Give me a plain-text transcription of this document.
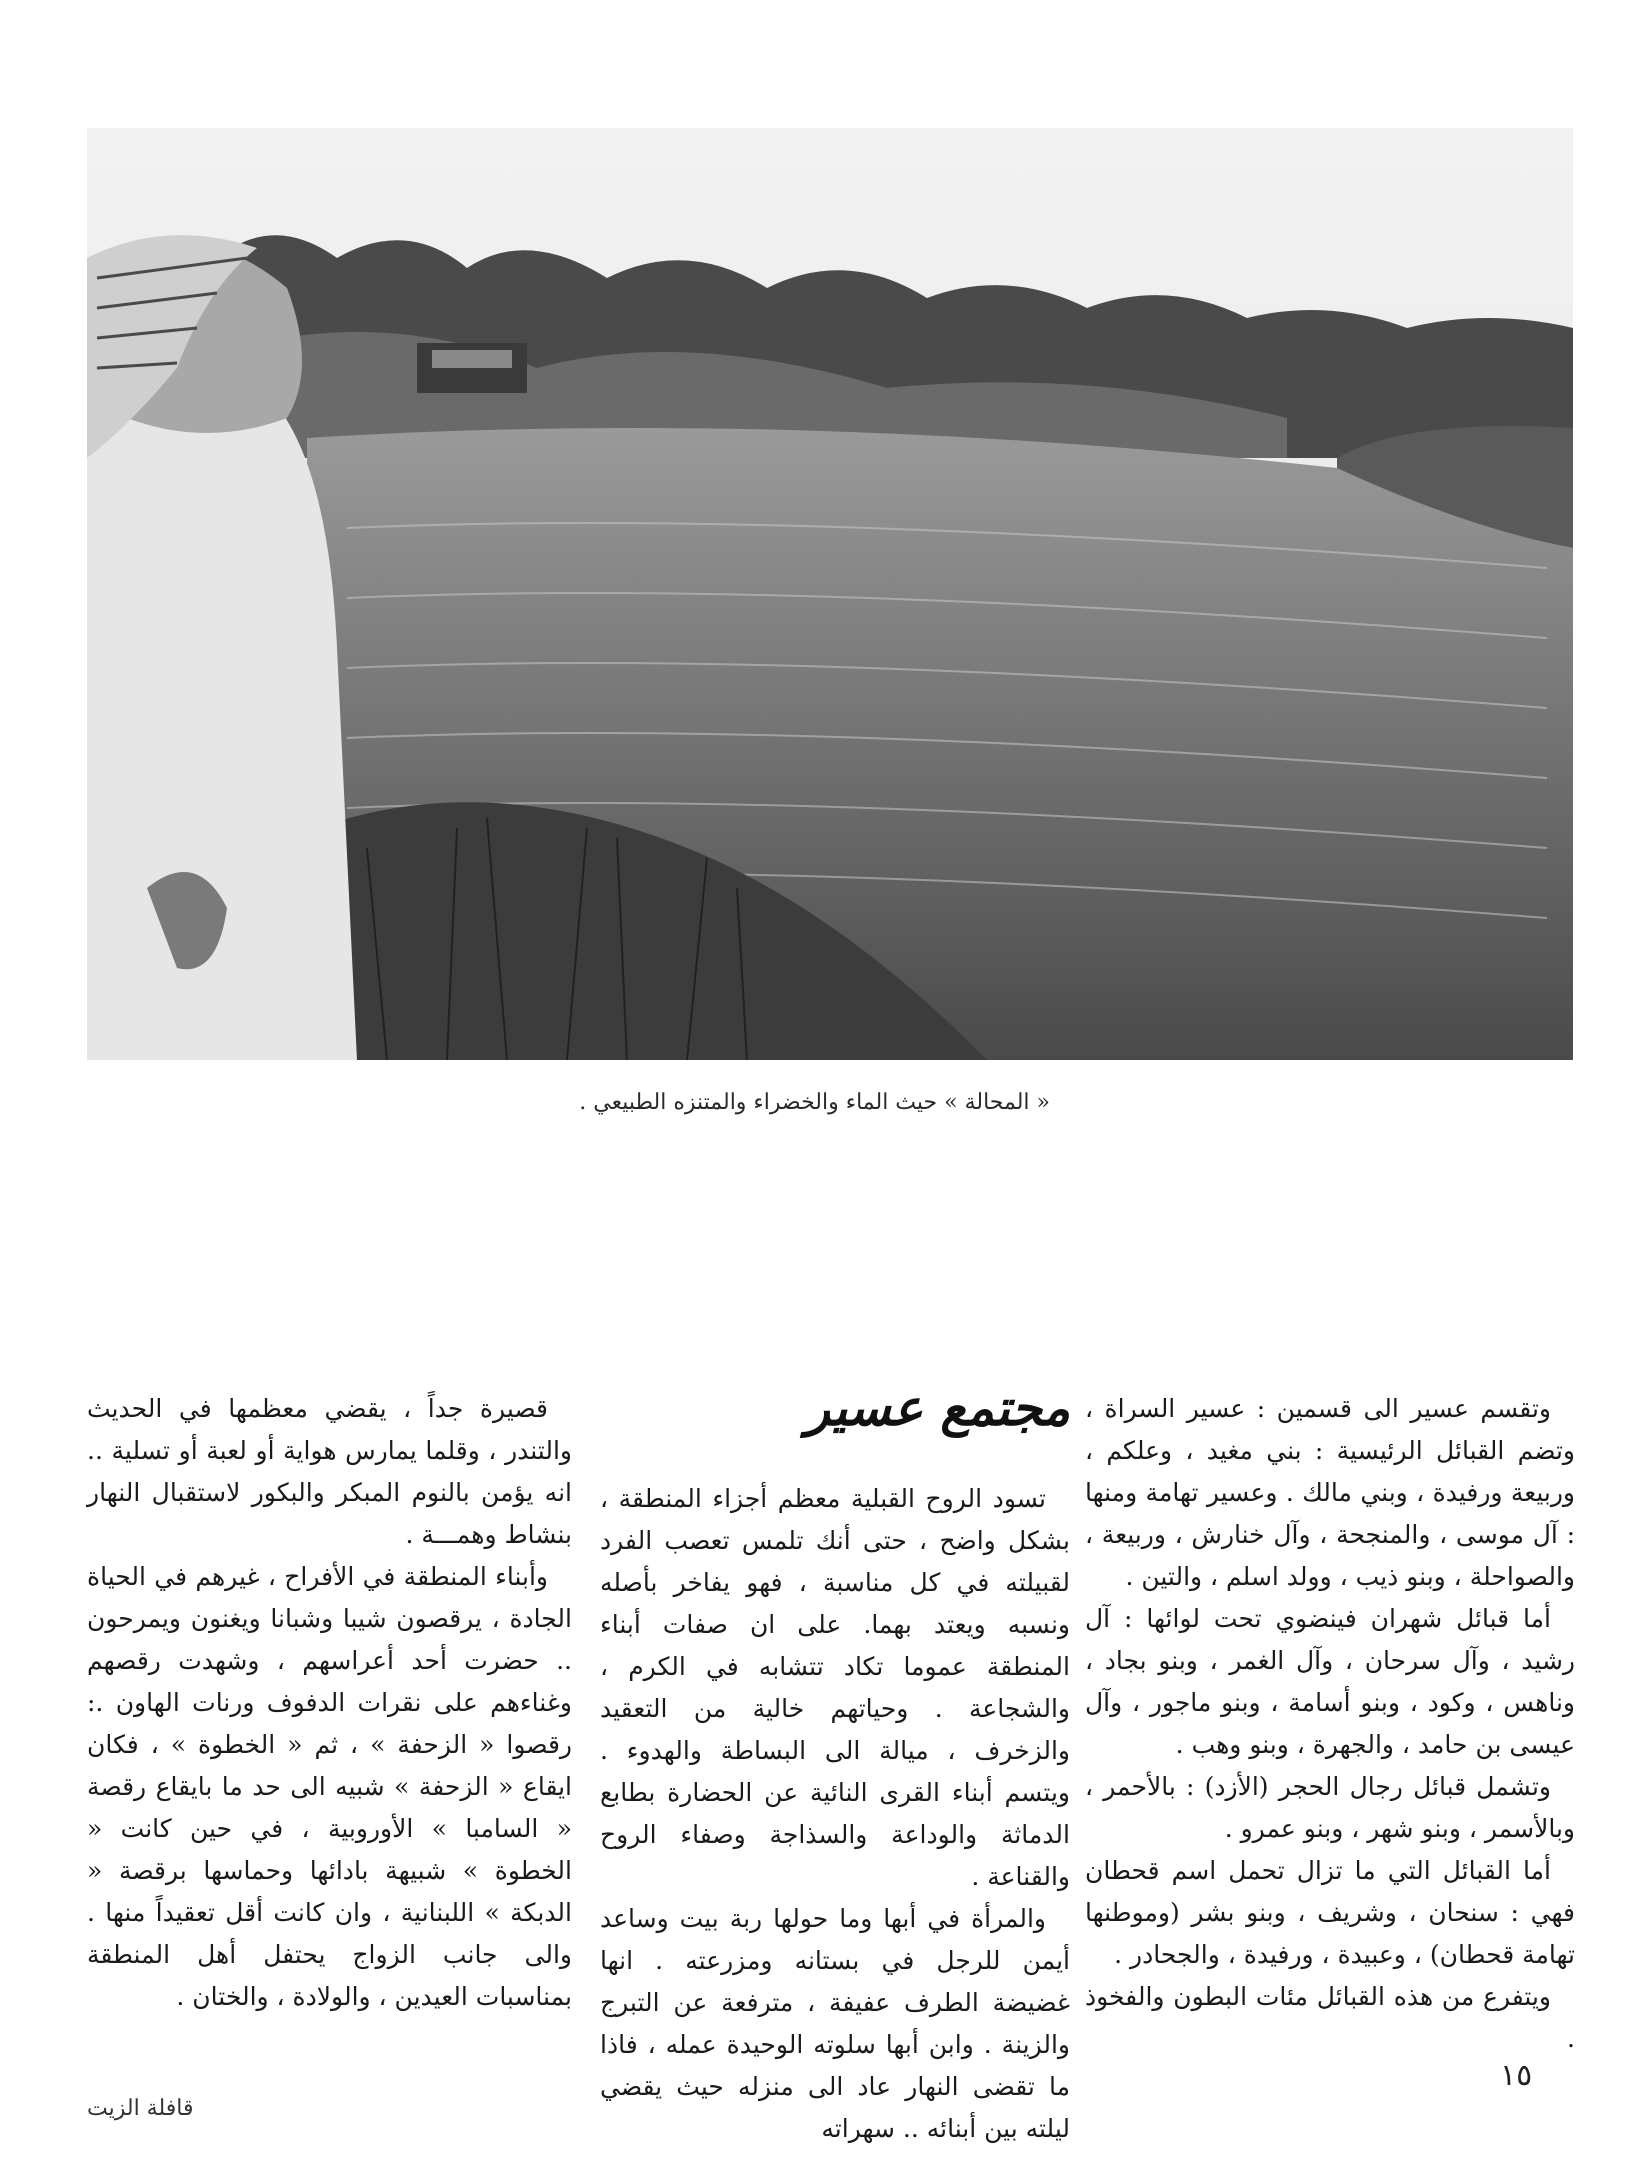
« المحالة » حيث الماء والخضراء والمتنزه الطبيعي .
مجتمع عسير وتقسم عسير الى قسمين : عسير السراة ، وتضم القبائل الرئيسية : بني مغيد ، وعلكم ، وربيعة ورفيدة ، وبني مالك . وعسير تهامة ومنها : آل موسى ، والمنجحة ، وآل خنارش ، وربيعة ، والصواحلة ، وبنو ذيب ، وولد اسلم ، والتين .

أما قبائل شهران فينضوي تحت لوائها : آل رشيد ، وآل سرحان ، وآل الغمر ، وبنو بجاد ، وناهس ، وكود ، وبنو أسامة ، وبنو ماجور ، وآل عيسى بن حامد ، والجهرة ، وبنو وهب .

وتشمل قبائل رجال الحجر (الأزد) : بالأحمر ، وبالأسمر ، وبنو شهر ، وبنو عمرو .

أما القبائل التي ما تزال تحمل اسم قحطان فهي : سنحان ، وشريف ، وبنو بشر (وموطنها تهامة قحطان) ، وعبيدة ، ورفيدة ، والجحادر .

ويتفرع من هذه القبائل مئات البطون والفخوذ .

تسود الروح القبلية معظم أجزاء المنطقة ، بشكل واضح ، حتى أنك تلمس تعصب الفرد لقبيلته في كل مناسبة ، فهو يفاخر بأصله ونسبه ويعتد بهما. على ان صفات أبناء المنطقة عموما تكاد تتشابه في الكرم ، والشجاعة . وحياتهم خالية من التعقيد والزخرف ، ميالة الى البساطة والهدوء . ويتسم أبناء القرى النائية عن الحضارة بطابع الدماثة والوداعة والسذاجة وصفاء الروح والقناعة .

والمرأة في أبها وما حولها ربة بيت وساعد أيمن للرجل في بستانه ومزرعته . انها غضيضة الطرف عفيفة ، مترفعة عن التبرج والزينة . وابن أبها سلوته الوحيدة عمله ، فاذا ما تقضى النهار عاد الى منزله حيث يقضي ليلته بين أبنائه .. سهراته

قصيرة جداً ، يقضي معظمها في الحديث والتندر ، وقلما يمارس هواية أو لعبة أو تسلية .. انه يؤمن بالنوم المبكر والبكور لاستقبال النهار بنشاط وهمـــة .

وأبناء المنطقة في الأفراح ، غيرهم في الحياة الجادة ، يرقصون شيبا وشبانا ويغنون ويمرحون .. حضرت أحد أعراسهم ، وشهدت رقصهم وغناءهم على نقرات الدفوف ورنات الهاون .: رقصوا « الزحفة » ، ثم « الخطوة » ، فكان ايقاع « الزحفة » شبيه الى حد ما بايقاع رقصة « السامبا » الأوروبية ، في حين كانت « الخطوة » شبيهة بادائها وحماسها برقصة « الدبكة » اللبنانية ، وان كانت أقل تعقيداً منها . والى جانب الزواج يحتفل أهل المنطقة بمناسبات العيدين ، والولادة ، والختان .

١٥
قافلة الزيت
